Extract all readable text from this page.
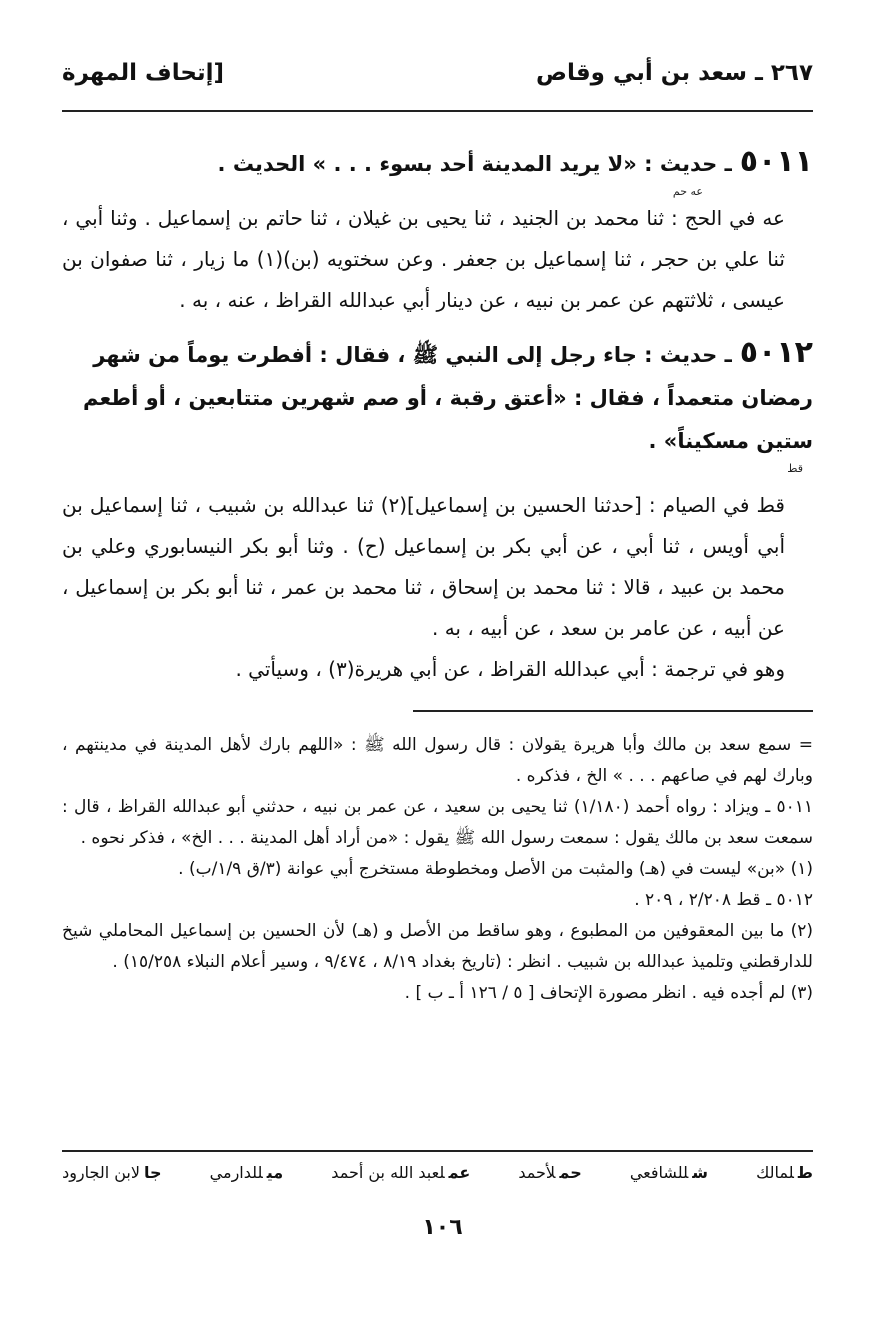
٢٦٧ ـ سعد بن أبي وقاص
[إتحاف المهرة

٥٠١١ـ حديث : «لا يريد المدينة أحد بسوء . . . » الحديث .

عه حم

عه في الحج : ثنا محمد بن الجنيد ، ثنا يحيى بن غيلان ، ثنا حاتم بن إسماعيل . وثنا أبي ، ثنا علي بن حجر ، ثنا إسماعيل بن جعفر . وعن سختويه (بن)(١) ما زيار ، ثنا صفوان بن عيسى ، ثلاثتهم عن عمر بن نبيه ، عن دينار أبي عبدالله القراظ ، عنه ، به .

٥٠١٢ـ حديث : جاء رجل إلى النبي ﷺ ، فقال : أفطرت يوماً من شهر رمضان متعمداً ، فقال : «أعتق رقبة ، أو صم شهرين متتابعين ، أو أطعم ستين مسكيناً» .

قط

قط في الصيام : [حدثنا الحسين بن إسماعيل](٢) ثنا عبدالله بن شبيب ، ثنا إسماعيل بن أبي أويس ، ثنا أبي ، عن أبي بكر بن إسماعيل (ح) . وثنا أبو بكر النيسابوري وعلي بن محمد بن عبيد ، قالا : ثنا محمد بن إسحاق ، ثنا محمد بن عمر ، ثنا أبو بكر بن إسماعيل ، عن أبيه ، عن عامر بن سعد ، عن أبيه ، به .

وهو في ترجمة : أبي عبدالله القراظ ، عن أبي هريرة(٣) ، وسيأتي .

= سمع سعد بن مالك وأبا هريرة يقولان : قال رسول الله ﷺ : «اللهم بارك لأهل المدينة في مدينتهم ، وبارك لهم في صاعهم . . . » الخ ، فذكره .

٥٠١١ ـ ويزاد : رواه أحمد (١/١٨٠) ثنا يحيى بن سعيد ، عن عمر بن نبيه ، حدثني أبو عبدالله القراظ ، قال : سمعت سعد بن مالك يقول : سمعت رسول الله ﷺ يقول : «من أراد أهل المدينة . . . الخ» ، فذكر نحوه .

(١) «بن» ليست في (هـ) والمثبت من الأصل ومخطوطة مستخرج أبي عوانة (٣/ق ١/٩/ب) .

٥٠١٢ ـ قط ٢/٢٠٨ ، ٢٠٩ .

(٢) ما بين المعقوفين من المطبوع ، وهو ساقط من الأصل و (هـ) لأن الحسين بن إسماعيل المحاملي شيخ للدارقطني وتلميذ عبدالله بن شبيب . انظر : (تاريخ بغداد ٨/١٩ ، ٩/٤٧٤ ، وسير أعلام النبلاء ١٥/٢٥٨) .

(٣) لم أجده فيه . انظر مصورة الإتحاف [ ٥ / ١٢٦ أ ـ ب ] .

طلمالك
شللشافعي
حملأحمد
عملعبد الله بن أحمد
ميللدارمي
جالابن الجارود
١٠٦
